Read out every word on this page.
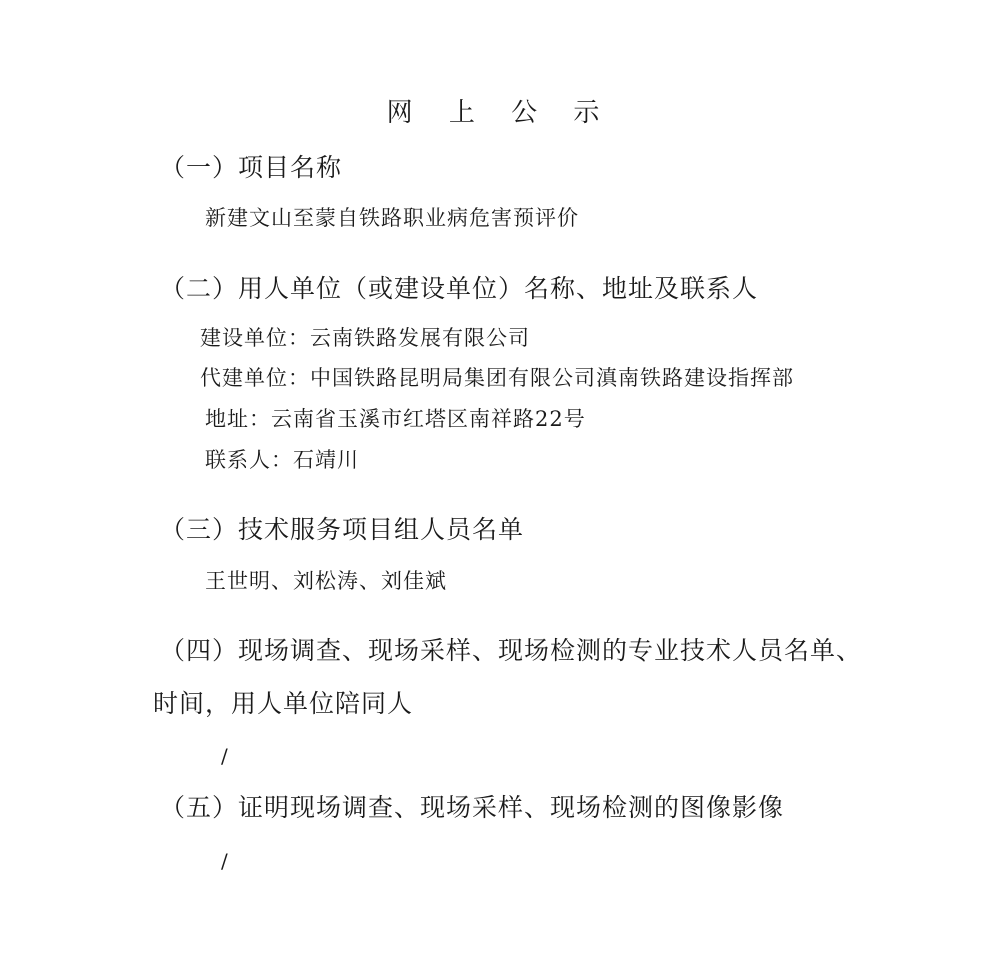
网 上 公 示
（一）项目名称
新建文山至蒙自铁路职业病危害预评价
（二）用人单位（或建设单位）名称、地址及联系人
建设单位：云南铁路发展有限公司
代建单位：中国铁路昆明局集团有限公司滇南铁路建设指挥部
地址：云南省玉溪市红塔区南祥路22号
联系人：石靖川
（三）技术服务项目组人员名单
王世明、刘松涛、刘佳斌
（四）现场调查、现场采样、现场检测的专业技术人员名单、
时间，用人单位陪同人
/
（五）证明现场调查、现场采样、现场检测的图像影像
/
